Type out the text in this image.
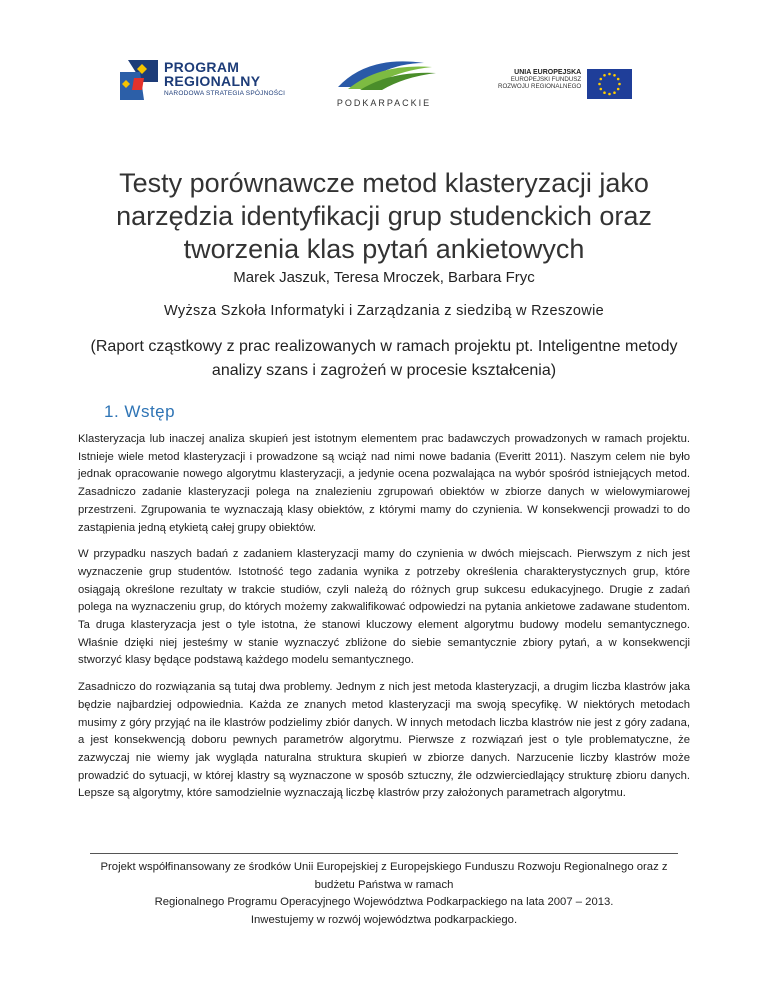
PROGRAM
REGIONALNY
NARODOWA STRATEGIA SPÓJNOŚCI
PODKARPACKIE
UNIA EUROPEJSKA
EUROPEJSKI FUNDUSZ
ROZWOJU REGIONALNEGO
Testy porównawcze metod klasteryzacji jako narzędzia identyfikacji grup studenckich oraz tworzenia klas pytań ankietowych
Marek Jaszuk, Teresa Mroczek, Barbara Fryc
Wyższa Szkoła Informatyki i Zarządzania z siedzibą w Rzeszowie
(Raport cząstkowy z prac realizowanych w ramach projektu pt. Inteligentne metody analizy szans i zagrożeń w procesie kształcenia)
1. Wstęp

Klasteryzacja lub inaczej analiza skupień jest istotnym elementem prac badawczych prowadzonych w ramach projektu. Istnieje wiele metod klasteryzacji i prowadzone są wciąż nad nimi nowe badania (Everitt 2011). Naszym celem nie było jednak opracowanie nowego algorytmu klasteryzacji, a jedynie ocena pozwalająca na wybór spośród istniejących metod. Zasadniczo zadanie klasteryzacji polega na znalezieniu zgrupowań obiektów w zbiorze danych w wielowymiarowej przestrzeni. Zgrupowania te wyznaczają klasy obiektów, z którymi mamy do czynienia. W konsekwencji prowadzi to do zastąpienia jedną etykietą całej grupy obiektów.

W przypadku naszych badań z zadaniem klasteryzacji mamy do czynienia w dwóch miejscach. Pierwszym z nich jest wyznaczenie grup studentów. Istotność tego zadania wynika z potrzeby określenia charakterystycznych grup, które osiągają określone rezultaty w trakcie studiów, czyli należą do różnych grup sukcesu edukacyjnego. Drugie z zadań polega na wyznaczeniu grup, do których możemy zakwalifikować odpowiedzi na pytania ankietowe zadawane studentom. Ta druga klasteryzacja jest o tyle istotna, że stanowi kluczowy element algorytmu budowy modelu semantycznego. Właśnie dzięki niej jesteśmy w stanie wyznaczyć zbliżone do siebie semantycznie zbiory pytań, a w konsekwencji stworzyć klasy będące podstawą każdego modelu semantycznego.

Zasadniczo do rozwiązania są tutaj dwa problemy. Jednym z nich jest metoda klasteryzacji, a drugim liczba klastrów jaka będzie najbardziej odpowiednia. Każda ze znanych metod klasteryzacji ma swoją specyfikę. W niektórych metodach musimy z góry przyjąć na ile klastrów podzielimy zbiór danych. W innych metodach liczba klastrów nie jest z góry zadana, a jest konsekwencją doboru pewnych parametrów algorytmu. Pierwsze z rozwiązań jest o tyle problematyczne, że zazwyczaj nie wiemy jak wygląda naturalna struktura skupień w zbiorze danych. Narzucenie liczby klastrów może prowadzić do sytuacji, w której klastry są wyznaczone w sposób sztuczny, źle odzwierciedlający strukturę zbioru danych. Lepsze są algorytmy, które samodzielnie wyznaczają liczbę klastrów przy założonych parametrach algorytmu.

Projekt współfinansowany ze środków Unii Europejskiej z Europejskiego Funduszu Rozwoju Regionalnego oraz z budżetu Państwa w ramach
Regionalnego Programu Operacyjnego Województwa Podkarpackiego na lata 2007 – 2013.
Inwestujemy w rozwój województwa podkarpackiego.
